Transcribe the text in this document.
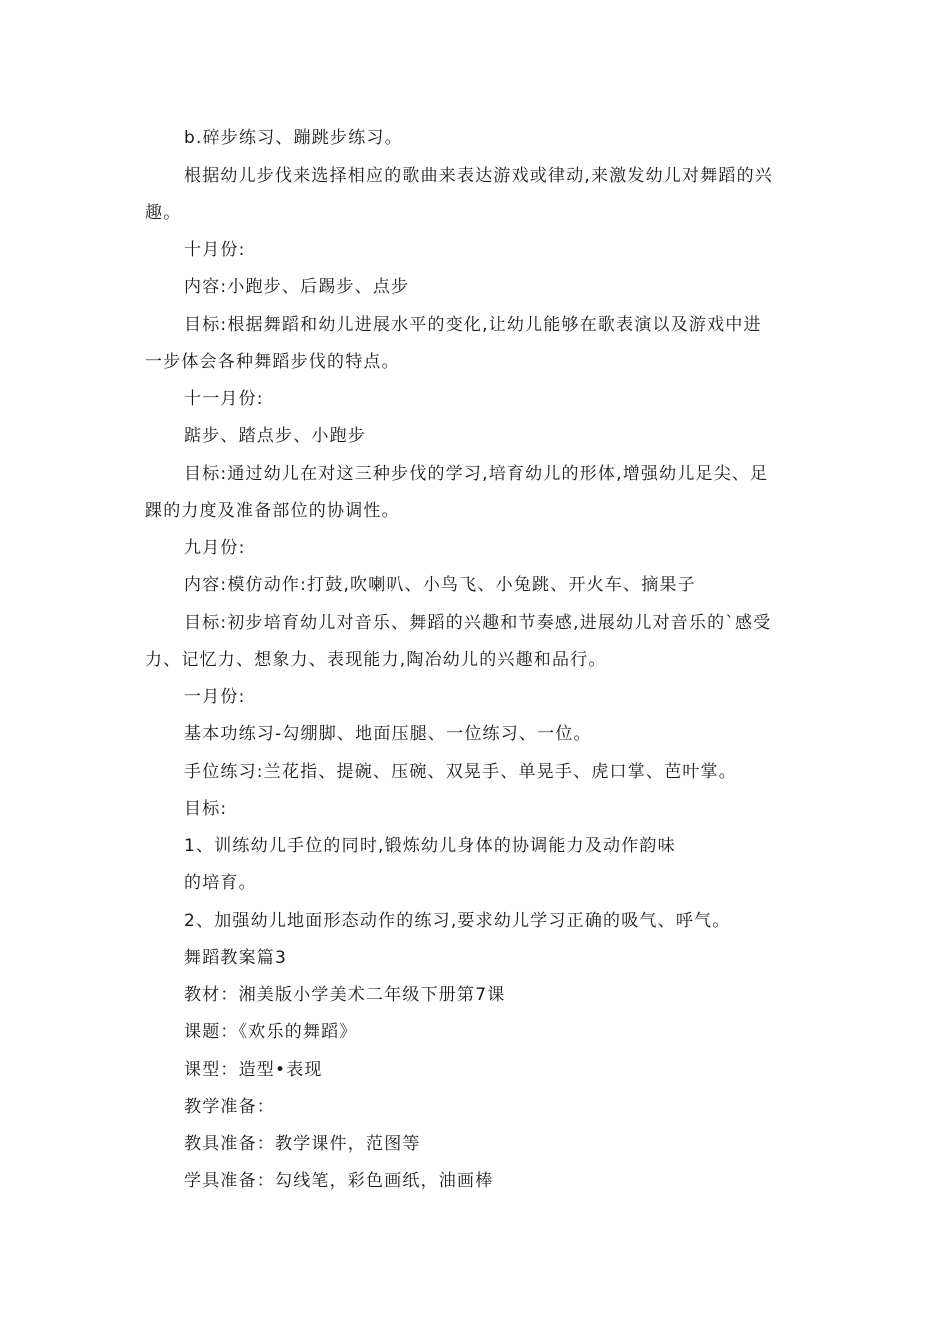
b.碎步练习、蹦跳步练习。
根据幼儿步伐来选择相应的歌曲来表达游戏或律动,来激发幼儿对舞蹈的兴
趣。
十月份:
内容:小跑步、后踢步、点步
目标:根据舞蹈和幼儿进展水平的变化,让幼儿能够在歌表演以及游戏中进
一步体会各种舞蹈步伐的特点。
十一月份:
踮步、踏点步、小跑步
目标:通过幼儿在对这三种步伐的学习,培育幼儿的形体,增强幼儿足尖、足
踝的力度及准备部位的协调性。
九月份:
内容:模仿动作:打鼓,吹喇叭、小鸟飞、小兔跳、开火车、摘果子
目标:初步培育幼儿对音乐、舞蹈的兴趣和节奏感,进展幼儿对音乐的`感受
力、记忆力、想象力、表现能力,陶冶幼儿的兴趣和品行。
一月份:
基本功练习-勾绷脚、地面压腿、一位练习、一位。
手位练习:兰花指、提碗、压碗、双晃手、单晃手、虎口掌、芭叶掌。
目标:
1、训练幼儿手位的同时,锻炼幼儿身体的协调能力及动作韵味
的培育。
2、加强幼儿地面形态动作的练习,要求幼儿学习正确的吸气、呼气。
舞蹈教案篇3
教材：湘美版小学美术二年级下册第7课
课题：《欢乐的舞蹈》
课型：造型•表现
教学准备：
教具准备：教学课件，范图等
学具准备：勾线笔，彩色画纸，油画棒
